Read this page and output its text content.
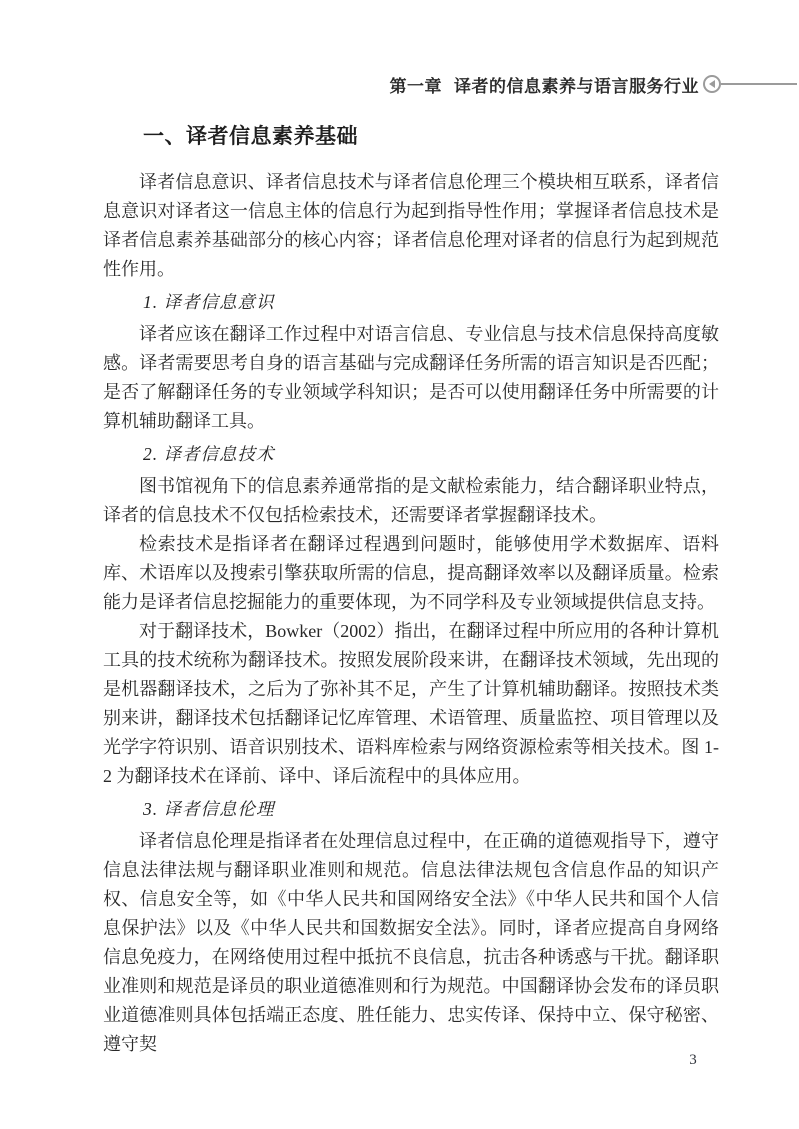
第一章 译者的信息素养与语言服务行业
一、译者信息素养基础

译者信息意识、译者信息技术与译者信息伦理三个模块相互联系，译者信息意识对译者这一信息主体的信息行为起到指导性作用；掌握译者信息技术是译者信息素养基础部分的核心内容；译者信息伦理对译者的信息行为起到规范性作用。

1. 译者信息意识

译者应该在翻译工作过程中对语言信息、专业信息与技术信息保持高度敏感。译者需要思考自身的语言基础与完成翻译任务所需的语言知识是否匹配；是否了解翻译任务的专业领域学科知识；是否可以使用翻译任务中所需要的计算机辅助翻译工具。

2. 译者信息技术

图书馆视角下的信息素养通常指的是文献检索能力，结合翻译职业特点，译者的信息技术不仅包括检索技术，还需要译者掌握翻译技术。

检索技术是指译者在翻译过程遇到问题时，能够使用学术数据库、语料库、术语库以及搜索引擎获取所需的信息，提高翻译效率以及翻译质量。检索能力是译者信息挖掘能力的重要体现，为不同学科及专业领域提供信息支持。

对于翻译技术，Bowker（2002）指出，在翻译过程中所应用的各种计算机工具的技术统称为翻译技术。按照发展阶段来讲，在翻译技术领域，先出现的是机器翻译技术，之后为了弥补其不足，产生了计算机辅助翻译。按照技术类别来讲，翻译技术包括翻译记忆库管理、术语管理、质量监控、项目管理以及光学字符识别、语音识别技术、语料库检索与网络资源检索等相关技术。图 1-2 为翻译技术在译前、译中、译后流程中的具体应用。

3. 译者信息伦理

译者信息伦理是指译者在处理信息过程中，在正确的道德观指导下，遵守信息法律法规与翻译职业准则和规范。信息法律法规包含信息作品的知识产权、信息安全等，如《中华人民共和国网络安全法》《中华人民共和国个人信息保护法》以及《中华人民共和国数据安全法》。同时，译者应提高自身网络信息免疫力，在网络使用过程中抵抗不良信息，抗击各种诱惑与干扰。翻译职业准则和规范是译员的职业道德准则和行为规范。中国翻译协会发布的译员职业道德准则具体包括端正态度、胜任能力、忠实传译、保持中立、保守秘密、遵守契

3
